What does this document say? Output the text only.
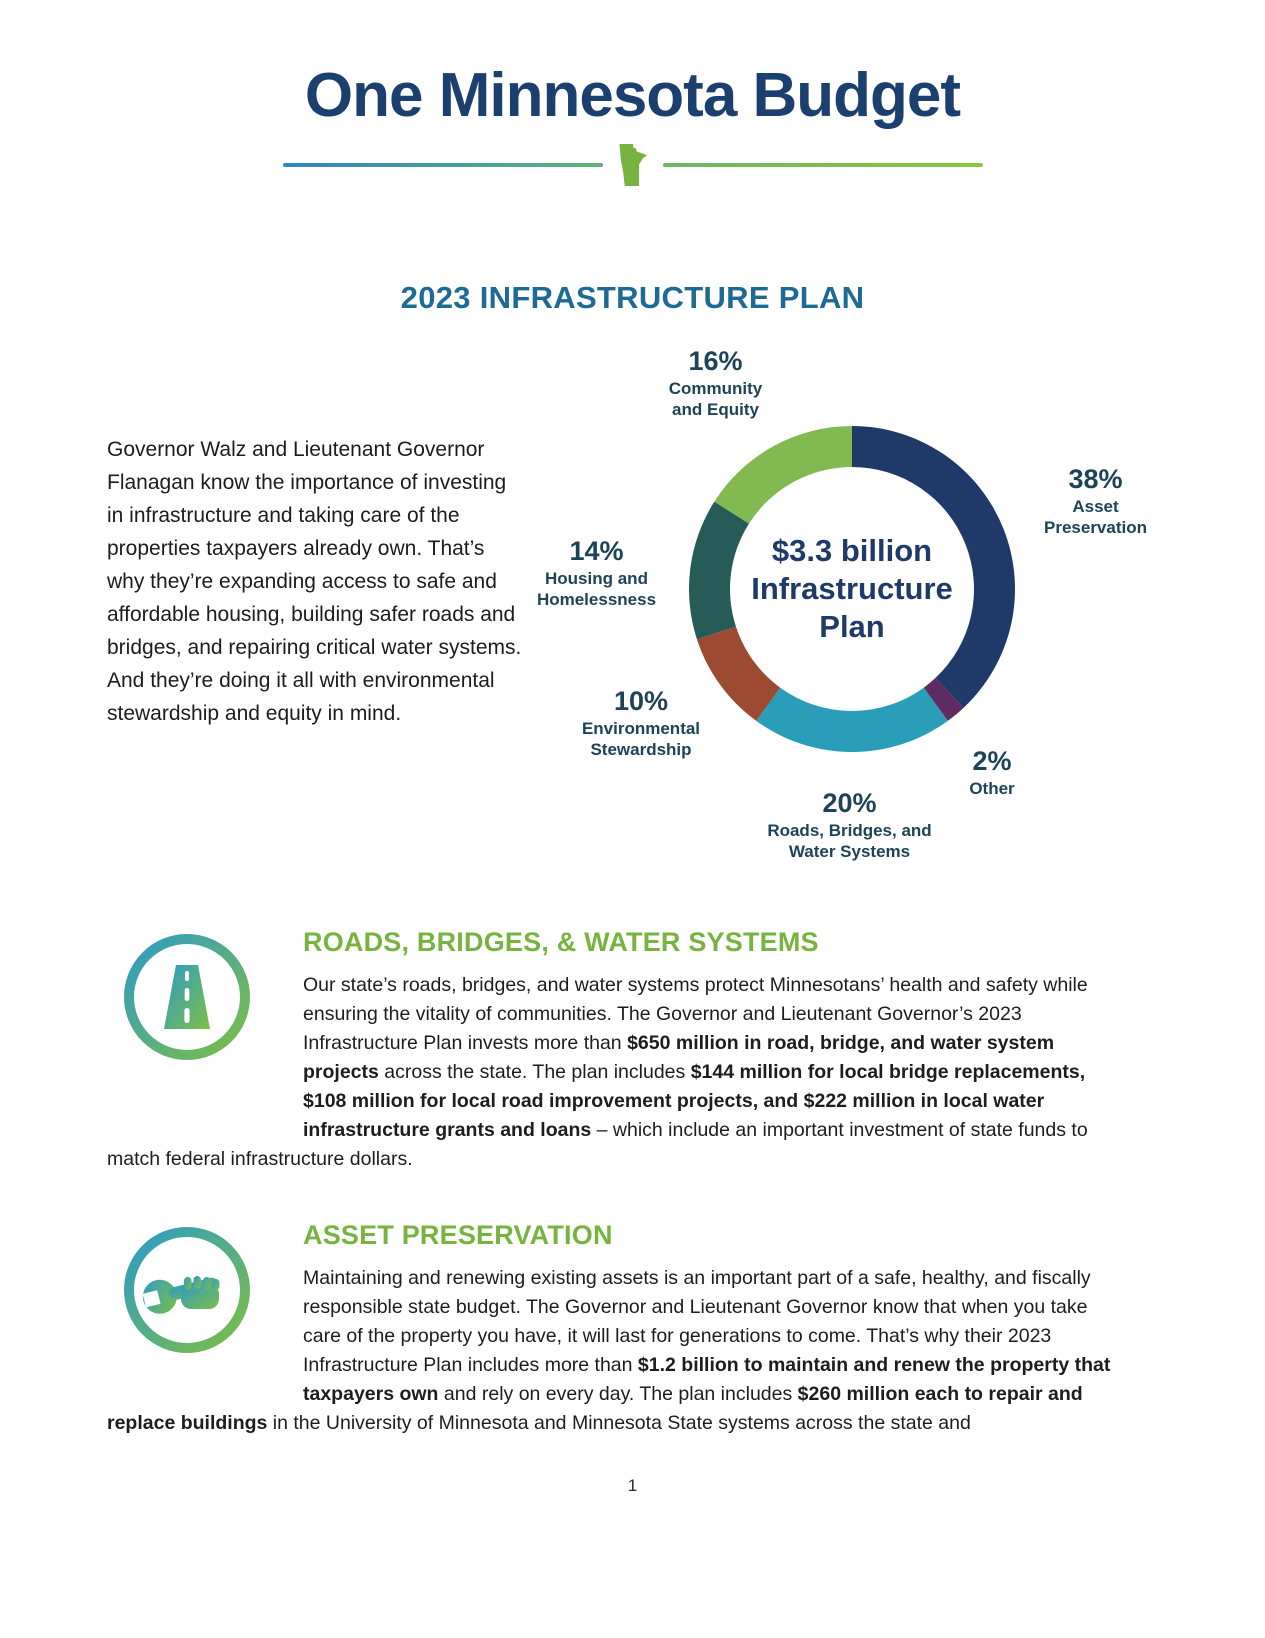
One Minnesota Budget
2023 INFRASTRUCTURE PLAN

Governor Walz and Lieutenant Governor Flanagan know the importance of investing in infrastructure and taking care of the properties taxpayers already own. That’s why they’re expanding access to safe and affordable housing, building safer roads and bridges, and repairing critical water systems. And they’re doing it all with environmental stewardship and equity in mind.

$3.3 billion
Infrastructure
Plan
38%
Asset
Preservation
2%
Other
20%
Roads, Bridges, and
Water Systems
10%
Environmental
Stewardship
14%
Housing and
Homelessness
16%
Community
and Equity
ROADS, BRIDGES, & WATER SYSTEMS

Our state’s roads, bridges, and water systems protect Minnesotans’ health and safety while ensuring the vitality of communities. The Governor and Lieutenant Governor’s 2023 Infrastructure Plan invests more than $650 million in road, bridge, and water system projects across the state. The plan includes $144 million for local bridge replacements, $108 million for local road improvement projects, and $222 million in local water infrastructure grants and loans – which include an important investment of state funds to match federal infrastructure dollars.

ASSET PRESERVATION

Maintaining and renewing existing assets is an important part of a safe, healthy, and fiscally responsible state budget. The Governor and Lieutenant Governor know that when you take care of the property you have, it will last for generations to come. That’s why their 2023 Infrastructure Plan includes more than $1.2 billion to maintain and renew the property that taxpayers own and rely on every day. The plan includes $260 million each to repair and replace buildings in the University of Minnesota and Minnesota State systems across the state and

1
